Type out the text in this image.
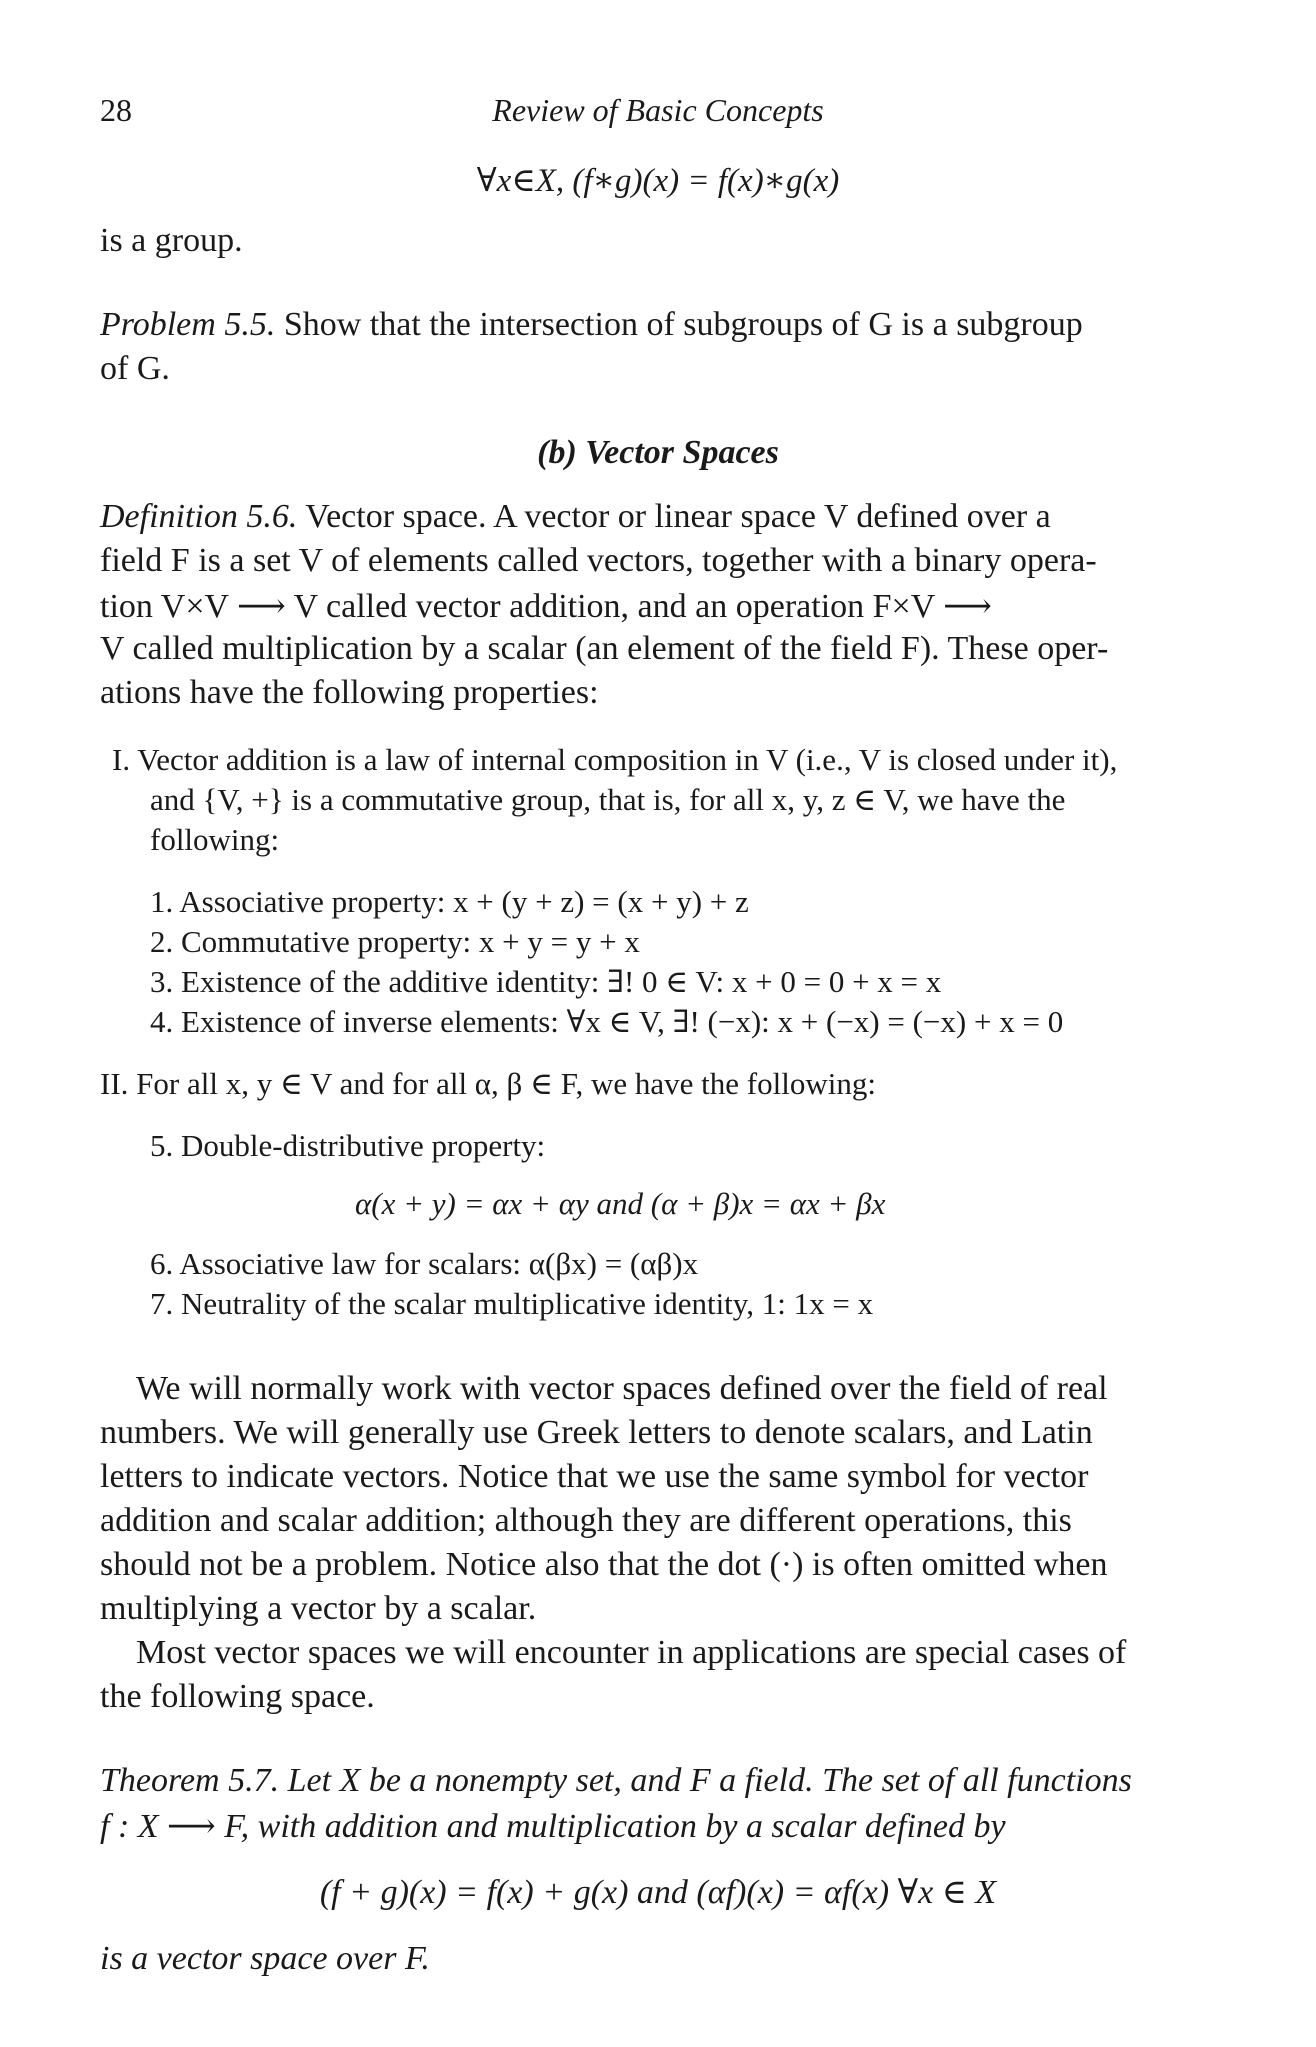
28	Review of Basic Concepts
∀x∈X, (f∗g)(x) = f(x)∗g(x)
is a group.
Problem 5.5. Show that the intersection of subgroups of G is a subgroup
of G.
(b) Vector Spaces
Definition 5.6. Vector space. A vector or linear space V defined over a
field F is a set V of elements called vectors, together with a binary opera-
tion V×V ⟶ V called vector addition, and an operation F×V ⟶
V called multiplication by a scalar (an element of the field F). These oper-
ations have the following properties:
I. Vector addition is a law of internal composition in V (i.e., V is closed under it),
and {V, +} is a commutative group, that is, for all x, y, z ∈ V, we have the
following:
1. Associative property: x + (y + z) = (x + y) + z
2. Commutative property: x + y = y + x
3. Existence of the additive identity: ∃! 0 ∈ V: x + 0 = 0 + x = x
4. Existence of inverse elements: ∀x ∈ V, ∃! (−x): x + (−x) = (−x) + x = 0
II. For all x, y ∈ V and for all α, β ∈ F, we have the following:
5. Double-distributive property:
α(x + y) = αx + αy and (α + β)x = αx + βx
6. Associative law for scalars: α(βx) = (αβ)x
7. Neutrality of the scalar multiplicative identity, 1: 1x = x
We will normally work with vector spaces defined over the field of real
numbers. We will generally use Greek letters to denote scalars, and Latin
letters to indicate vectors. Notice that we use the same symbol for vector
addition and scalar addition; although they are different operations, this
should not be a problem. Notice also that the dot (·) is often omitted when
multiplying a vector by a scalar.
Most vector spaces we will encounter in applications are special cases of
the following space.
Theorem 5.7. Let X be a nonempty set, and F a field. The set of all functions
f : X ⟶ F, with addition and multiplication by a scalar defined by
(f + g)(x) = f(x) + g(x) and (αf)(x) = αf(x) ∀x ∈ X
is a vector space over F.
